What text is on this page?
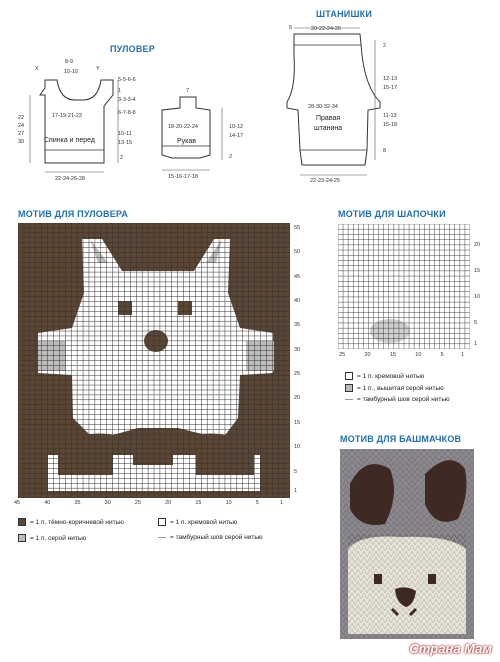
ПУЛОВЕР
X	Y
8-9
10-10
5-5-6-6
1
3-3-3-4
6-7-8-8
17-19-21-23
Спинка и перед
10-11
13-15
2
22
24
27
30
22-24-26-28
7
18-20-22-24
Рукав
10-12
14-17
2
15-16-17-18
ШТАНИШКИ
5	20-22-24-26
2
12-13
15-17
28-30-32-34
Правая
штанина
11-13
15-18
8
22-23-24-25
МОТИВ ДЛЯ ПУЛОВЕРА
45	40	35	30	25	20	15	10	5	1
55
50
45
40
35
30
25
20
15
10
5
1
= 1 п. тёмно-коричневой нитью	= 1 п. кремовой нитью
= 1 п. серой нитью	= тамбурный шов серой нитью
МОТИВ ДЛЯ ШАПОЧКИ
25	20	15	10	5	1
20
15
10
5
1
= 1 п. кремовой нитью
= 1 п., вышитая серой нитью
= тамбурный шов серой нитью
МОТИВ ДЛЯ БАШМАЧКОВ
Страна Мам
